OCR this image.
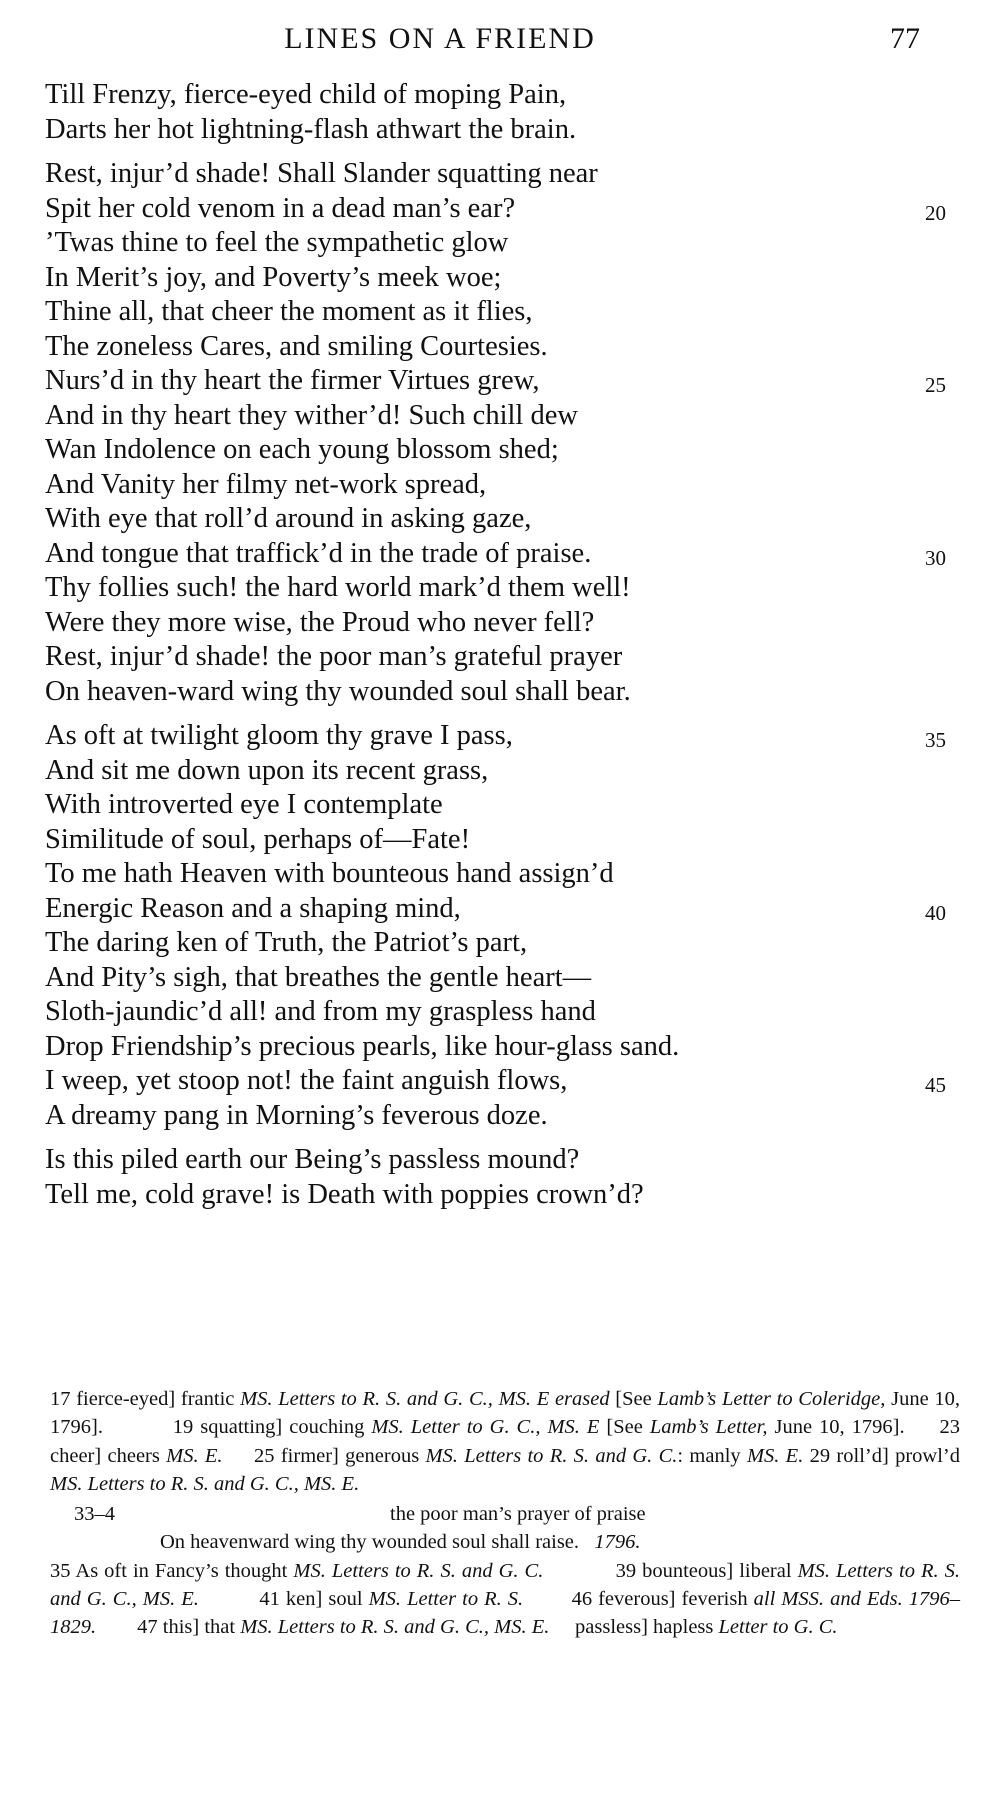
LINES ON A FRIEND	77
Till Frenzy, fierce-eyed child of moping Pain,
Darts her hot lightning-flash athwart the brain.
Rest, injur’d shade! Shall Slander squatting near
Spit her cold venom in a dead man’s ear?	20
’Twas thine to feel the sympathetic glow
In Merit’s joy, and Poverty’s meek woe;
Thine all, that cheer the moment as it flies,
The zoneless Cares, and smiling Courtesies.
Nurs’d in thy heart the firmer Virtues grew,	25
And in thy heart they wither’d! Such chill dew
Wan Indolence on each young blossom shed;
And Vanity her filmy net-work spread,
With eye that roll’d around in asking gaze,
And tongue that traffick’d in the trade of praise.	30
Thy follies such! the hard world mark’d them well!
Were they more wise, the Proud who never fell?
Rest, injur’d shade! the poor man’s grateful prayer
On heaven-ward wing thy wounded soul shall bear.
As oft at twilight gloom thy grave I pass,	35
And sit me down upon its recent grass,
With introverted eye I contemplate
Similitude of soul, perhaps of—Fate!
To me hath Heaven with bounteous hand assign’d
Energic Reason and a shaping mind,	40
The daring ken of Truth, the Patriot’s part,
And Pity’s sigh, that breathes the gentle heart—
Sloth-jaundic’d all! and from my graspless hand
Drop Friendship’s precious pearls, like hour-glass sand.
I weep, yet stoop not! the faint anguish flows,	45
A dreamy pang in Morning’s feverous doze.
Is this piled earth our Being’s passless mound?
Tell me, cold grave! is Death with poppies crown’d?

17 fierce-eyed] frantic MS. Letters to R. S. and G. C., MS. E erased [See Lamb’s Letter to Coleridge, June 10, 1796].	19 squatting] couching MS. Letter to G. C., MS. E [See Lamb’s Letter, June 10, 1796]. 23 cheer] cheers MS. E. 25 firmer] generous MS. Letters to R. S. and G. C.: manly MS. E. 29 roll’d] prowl’d MS. Letters to R. S. and G. C., MS. E.

33–4	the poor man’s prayer of praise
On heavenward wing thy wounded soul shall raise. 1796.

35 As oft in Fancy’s thought MS. Letters to R. S. and G. C.	39 bounteous] liberal MS. Letters to R. S. and G. C., MS. E.	41 ken] soul MS. Letter to R. S. 46 feverous] feverish all MSS. and Eds. 1796–1829. 47 this] that MS. Letters to R. S. and G. C., MS. E. passless] hapless Letter to G. C.
